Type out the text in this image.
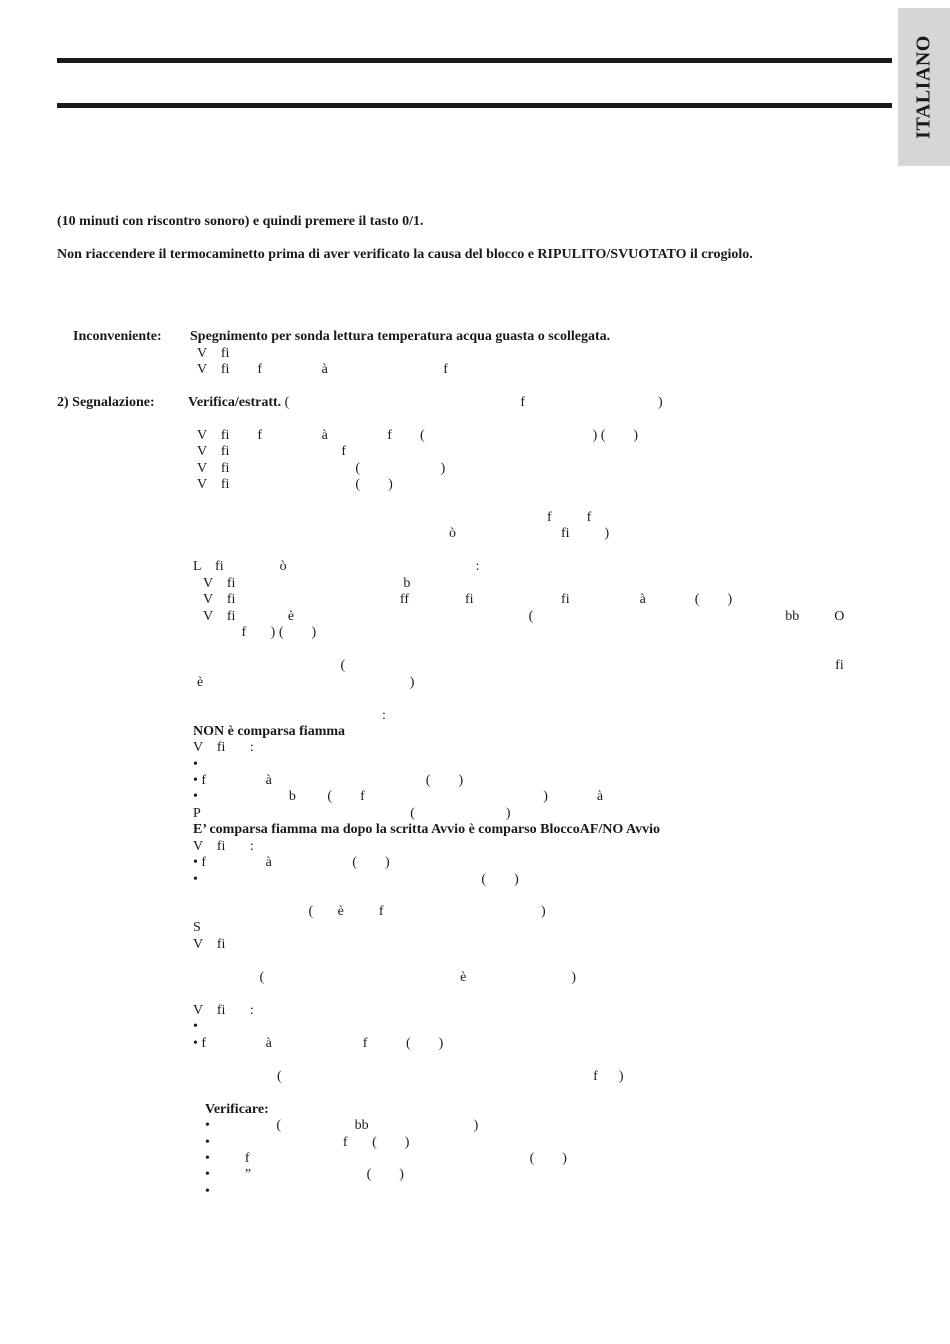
ITALIANO
(10 minuti con riscontro sonoro) e quindi premere il tasto 0/1.
Non riaccendere il termocaminetto prima di aver verificato la causa del blocco e RIPULITO/SVUOTATO il crogiolo.
Inconveniente: Spegnimento per sonda lettura temperatura acqua guasta o scollegata.
V    fi
V    fi        f                 à                                 f
2) Segnalazione: Verifica/estratt. (                                                                  f                                      )
V    fi        f                 à                 f        (                                                ) (        )
V    fi                                f
V    fi                                    (                       )
V    fi                                    (        )
f          f
ò                              fi          )
L    fi                ò                                                      :
V    fi                                                b
V    fi                                               ff                fi                         fi                    à              (        )
V    fi               è                                                                   (                                                                        bb          O
f       ) (        )
(                                                                                                                                            fi
è                                                           )
:
NON è comparsa fiamma
V    fi       :
•
• f                 à                                            (        )
•                          b         (        f                                                   )              à
P                                                            (                          )
E’ comparsa fiamma ma dopo la scritta Avvio è comparso BloccoAF/NO Avvio
V    fi       :
• f                 à                       (        )
•                                                                                 (        )
(       è          f                                             )
S
V    fi
(                                                        è                              )
V    fi       :
•
• f                 à                          f           (        )
(                                                                                         f      )
Verificare:
•                   (                     bb                              )
•                                      f       (        )
•          f                                                                                (        )
•          ”                                 (        )
•
